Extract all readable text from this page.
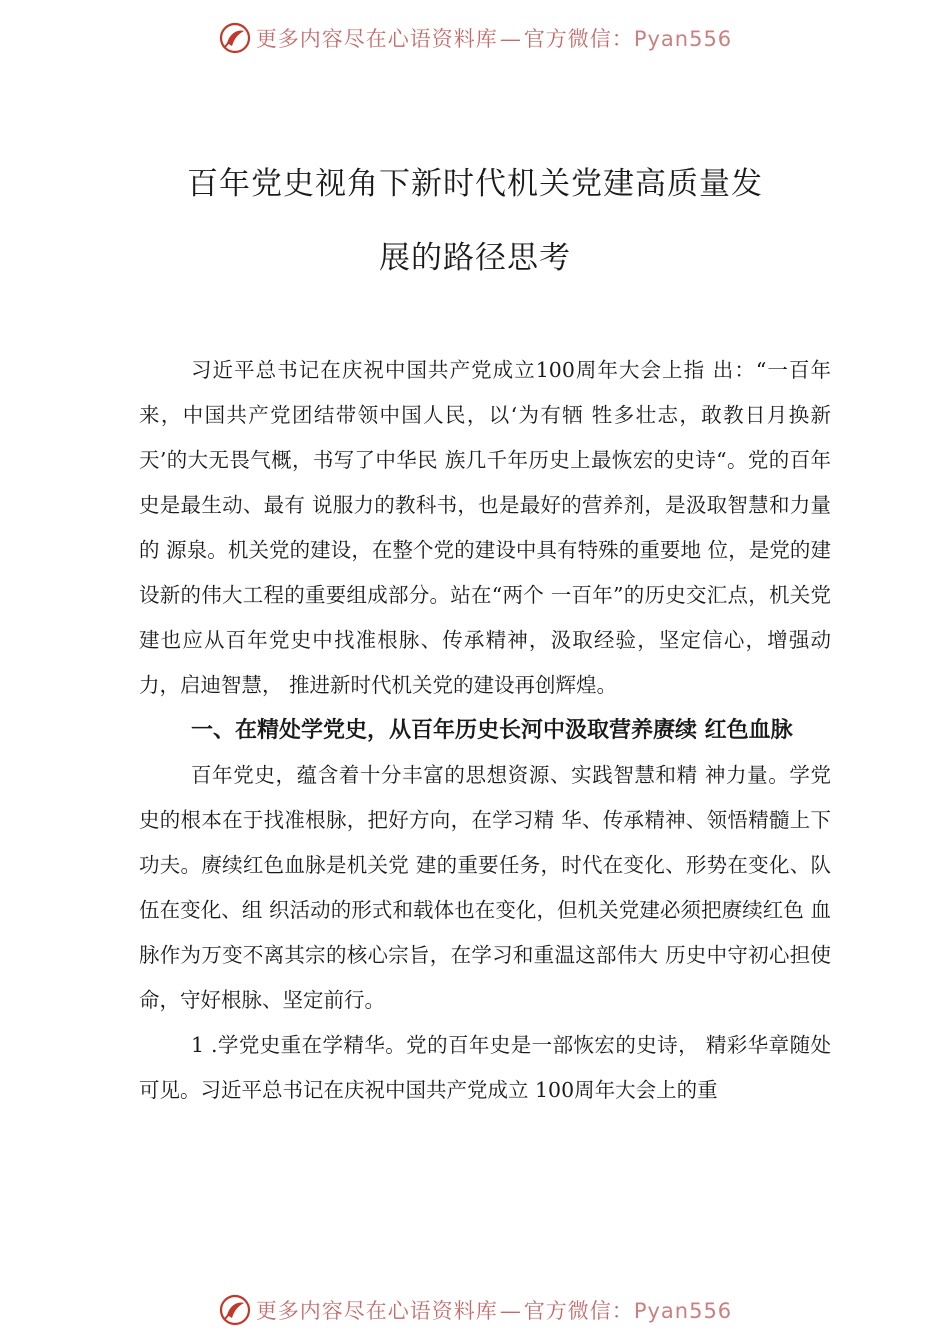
更多内容尽在心语资料库—官方微信：Pyan556
百年党史视角下新时代机关党建高质量发
展的路径思考

习近平总书记在庆祝中国共产党成立100周年大会上指 出：“一百年来，中国共产党团结带领中国人民，以‘为有牺 牲多壮志，敢教日月换新天’的大无畏气概，书写了中华民 族几千年历史上最恢宏的史诗“。党的百年史是最生动、最有 说服力的教科书，也是最好的营养剂，是汲取智慧和力量的 源泉。机关党的建设，在整个党的建设中具有特殊的重要地 位，是党的建设新的伟大工程的重要组成部分。站在“两个 一百年”的历史交汇点，机关党建也应从百年党史中找准根脉、传承精神，汲取经验，坚定信心，增强动力，启迪智慧， 推进新时代机关党的建设再创辉煌。

一、在精处学党史，从百年历史长河中汲取营养赓续 红色血脉

百年党史，蕴含着十分丰富的思想资源、实践智慧和精 神力量。学党史的根本在于找准根脉，把好方向，在学习精 华、传承精神、领悟精髓上下功夫。赓续红色血脉是机关党 建的重要任务，时代在变化、形势在变化、队伍在变化、组 织活动的形式和载体也在变化，但机关党建必须把赓续红色 血脉作为万变不离其宗的核心宗旨，在学习和重温这部伟大 历史中守初心担使命，守好根脉、坚定前行。

1 .学党史重在学精华。党的百年史是一部恢宏的史诗， 精彩华章随处可见。习近平总书记在庆祝中国共产党成立 100周年大会上的重

更多内容尽在心语资料库—官方微信：Pyan556
